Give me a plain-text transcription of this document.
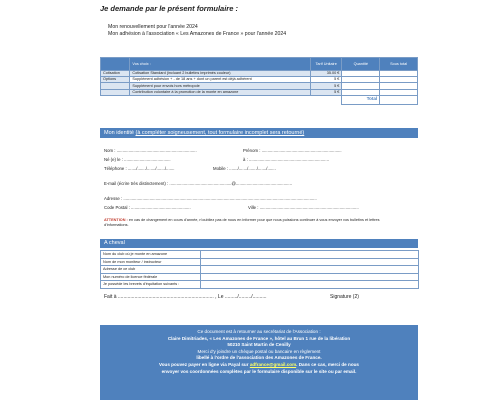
Je demande par le présent formulaire :
Mon renouvellement pour l'année 2024
Mon adhésion à l'association « Les Amazones de France » pour l'année 2024
	Vos choix :	Tarif Unitaire	Quantité	Sous total
Cotisation	Cotisation Standard (incluant 2 bulletins imprimés couleur)	35.00 €		
Options	Supplément adhésion + - de 18 ans + dont un parent est déjà adhérent	5 €		
	Supplément pour envois hors métropole	5 €		
	Contribution volontaire à la promotion de la monte en amazone	5 €		
			Total	
Mon identité (à compléter soigneusement, tout formulaire incomplet sera retourné)
Nom : ...................................................................	Prénom : ...................................................................
Né (e) le : .......................................	à : ...................................................................
Téléphone : ......./......./......./......./.......	Mobile : ......./......./......./......./.......
E-mail (écrire très distinctement) : ....................................................@...............................................
Adresse : ..................................................................................................................................................................
Code Postal : ..................................................	Ville : ...................................................................................
ATTENTION : en cas de changement en cours d'année, n'oubliez pas de nous en informer pour que nous puissions continuer à vous envoyer vos bulletins et lettres d'informations.
A cheval
Nom du club où je monte en amazone	
Nom de mon moniteur / instructeur	
Adresse de ce club	
Mon numéro de licence fédérale	
Je possède les brevets d'équitation suivants :	
Fait à ..................................................................... , Le ........./........./..........	Signature (2)
Ce document est à retourner au secrétariat de l'Association :
Claire Dimitriades, « Les Amazones de France », hôtel au Brun 1 rue de la libération
50210 Saint Martin de Cenilly
Merci d'y joindre un chèque postal ou bancaire en règlement
libellé à l'ordre de l'association des Amazones de France.
Vous pouvez payer en ligne via Payal sur adfrance@gmail.com. Dans ce cas, merci de nous
envoyer vos coordonnées complètes par le formulaire disponible sur le site ou par email.
